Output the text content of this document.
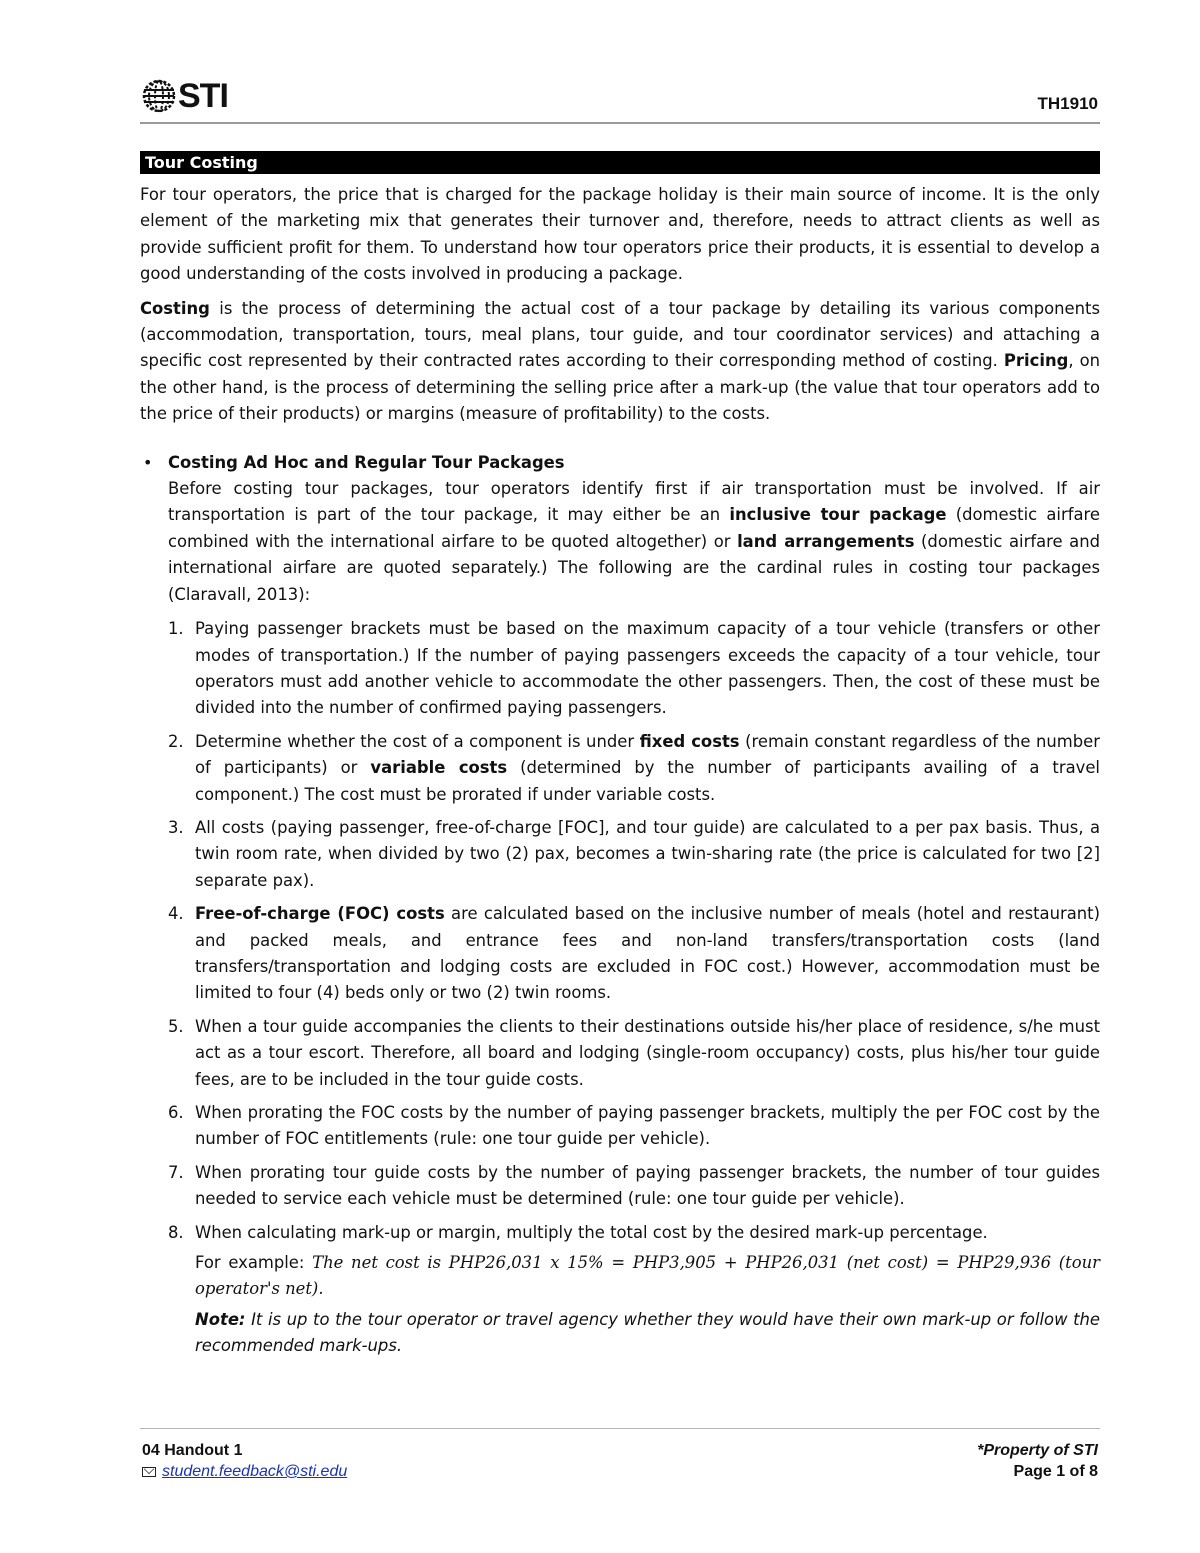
STI	TH1910
Tour Costing

For tour operators, the price that is charged for the package holiday is their main source of income. It is the only element of the marketing mix that generates their turnover and, therefore, needs to attract clients as well as provide sufficient profit for them. To understand how tour operators price their products, it is essential to develop a good understanding of the costs involved in producing a package.

Costing is the process of determining the actual cost of a tour package by detailing its various components (accommodation, transportation, tours, meal plans, tour guide, and tour coordinator services) and attaching a specific cost represented by their contracted rates according to their corresponding method of costing. Pricing, on the other hand, is the process of determining the selling price after a mark-up (the value that tour operators add to the price of their products) or margins (measure of profitability) to the costs.

• Costing Ad Hoc and Regular Tour Packages

Before costing tour packages, tour operators identify first if air transportation must be involved. If air transportation is part of the tour package, it may either be an inclusive tour package (domestic airfare combined with the international airfare to be quoted altogether) or land arrangements (domestic airfare and international airfare are quoted separately.) The following are the cardinal rules in costing tour packages (Claravall, 2013):

1. Paying passenger brackets must be based on the maximum capacity of a tour vehicle (transfers or other modes of transportation.) If the number of paying passengers exceeds the capacity of a tour vehicle, tour operators must add another vehicle to accommodate the other passengers. Then, the cost of these must be divided into the number of confirmed paying passengers.
2. Determine whether the cost of a component is under fixed costs (remain constant regardless of the number of participants) or variable costs (determined by the number of participants availing of a travel component.) The cost must be prorated if under variable costs.
3. All costs (paying passenger, free-of-charge [FOC], and tour guide) are calculated to a per pax basis. Thus, a twin room rate, when divided by two (2) pax, becomes a twin-sharing rate (the price is calculated for two [2] separate pax).
4. Free-of-charge (FOC) costs are calculated based on the inclusive number of meals (hotel and restaurant) and packed meals, and entrance fees and non-land transfers/transportation costs (land transfers/transportation and lodging costs are excluded in FOC cost.) However, accommodation must be limited to four (4) beds only or two (2) twin rooms.
5. When a tour guide accompanies the clients to their destinations outside his/her place of residence, s/he must act as a tour escort. Therefore, all board and lodging (single-room occupancy) costs, plus his/her tour guide fees, are to be included in the tour guide costs.
6. When prorating the FOC costs by the number of paying passenger brackets, multiply the per FOC cost by the number of FOC entitlements (rule: one tour guide per vehicle).
7. When prorating tour guide costs by the number of paying passenger brackets, the number of tour guides needed to service each vehicle must be determined (rule: one tour guide per vehicle).
8. When calculating mark-up or margin, multiply the total cost by the desired mark-up percentage.
For example: The net cost is PHP26,031 x 15% = PHP3,905 + PHP26,031 (net cost) = PHP29,936 (tour operator's net).
Note: It is up to the tour operator or travel agency whether they would have their own mark-up or follow the recommended mark-ups.
04 Handout 1
student.feedback@sti.edu
*Property of STI
Page 1 of 8
